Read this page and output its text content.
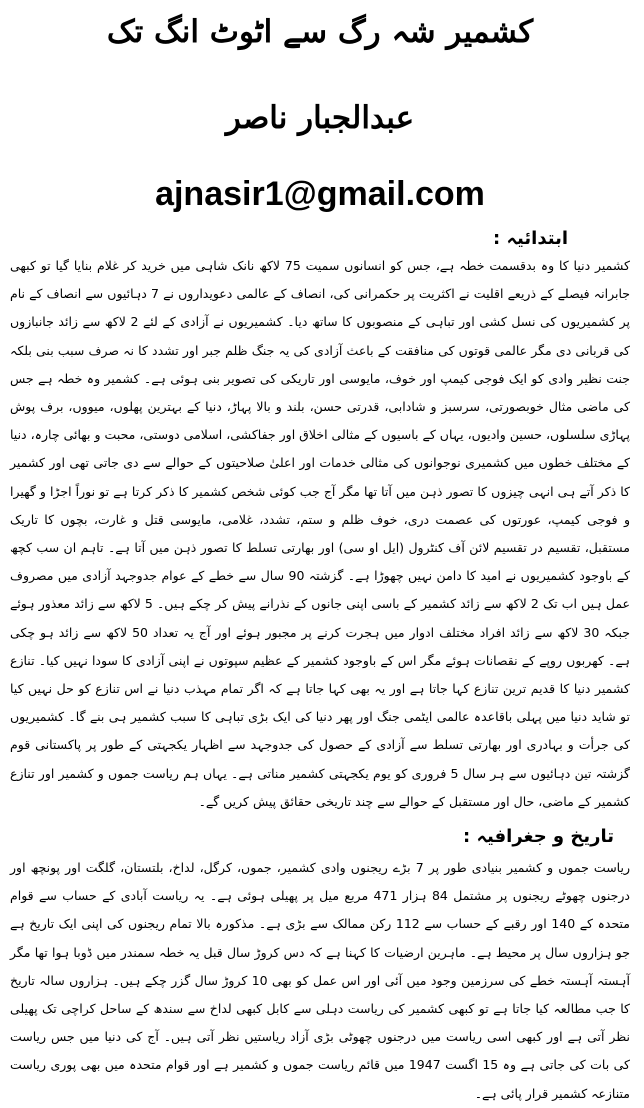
کشمیر شہ رگ سے اٹوٹ انگ تک
عبدالجبار ناصر
ajnasir1@gmail.com
ابتدائیہ :

کشمیر دنیا کا وہ بدقسمت خطہ ہے، جس کو انسانوں سمیت 75 لاکھ نانک شاہی میں خرید کر غلام بنایا گیا تو کبھی جابرانہ فیصلے کے ذریعے اقلیت نے اکثریت پر حکمرانی کی، انصاف کے عالمی دعویداروں نے 7 دہائیوں سے انصاف کے نام پر کشمیریوں کی نسل کشی اور تباہی کے منصوبوں کا ساتھ دیا۔ کشمیریوں نے آزادی کے لئے 2 لاکھ سے زائد جانبازوں کی قربانی دی مگر عالمی قوتوں کی منافقت کے باعث آزادی کی یہ جنگ ظلم جبر اور تشدد کا نہ صرف سبب بنی بلکہ جنت نظیر وادی کو ایک فوجی کیمپ اور خوف، مایوسی اور تاریکی کی تصویر بنی ہوئی ہے۔ کشمیر وہ خطہ ہے جس کی ماضی مثال خوبصورتی، سرسبز و شادابی، قدرتی حسن، بلند و بالا پہاڑ، دنیا کے بہترین پھلوں، میووں، برف پوش پہاڑی سلسلوں، حسین وادیوں، یہاں کے باسیوں کے مثالی اخلاق اور جفاکشی، اسلامی دوستی، محبت و بھائی چارہ، دنیا کے مختلف خطوں میں کشمیری نوجوانوں کی مثالی خدمات اور اعلیٰ صلاحیتوں کے حوالے سے دی جاتی تھی اور کشمیر کا ذکر آتے ہی انہی چیزوں کا تصور ذہن میں آتا تھا مگر آج جب کوئی شخص کشمیر کا ذکر کرتا ہے تو نوراً اجڑا و گھیرا و فوجی کیمپ، عورتوں کی عصمت دری، خوف ظلم و ستم، تشدد، غلامی، مایوسی قتل و غارت، بچوں کا تاریک مستقبل، تقسیم در تقسیم لائن آف کنٹرول (ایل او سی) اور بھارتی تسلط کا تصور ذہن میں آتا ہے۔ تاہم ان سب کچھ کے باوجود کشمیریوں نے امید کا دامن نہیں چھوڑا ہے۔ گزشتہ 90 سال سے خطے کے عوام جدوجہد آزادی میں مصروف عمل ہیں اب تک 2 لاکھ سے زائد کشمیر کے باسی اپنی جانوں کے نذرانے پیش کر چکے ہیں۔ 5 لاکھ سے زائد معذور ہوئے جبکہ 30 لاکھ سے زائد افراد مختلف ادوار میں ہجرت کرنے پر مجبور ہوئے اور آج یہ تعداد 50 لاکھ سے زائد ہو چکی ہے۔ کھربوں روپے کے نقصانات ہوئے مگر اس کے باوجود کشمیر کے عظیم سپوتوں نے اپنی آزادی کا سودا نہیں کیا۔ تنازع کشمیر دنیا کا قدیم ترین تنازع کہا جاتا ہے اور یہ بھی کہا جاتا ہے کہ اگر تمام مہذب دنیا نے اس تنازع کو حل نہیں کیا تو شاید دنیا میں پہلی باقاعدہ عالمی ایٹمی جنگ اور پھر دنیا کی ایک بڑی تباہی کا سبب کشمیر ہی بنے گا۔ کشمیریوں کی جرأت و بہادری اور بھارتی تسلط سے آزادی کے حصول کی جدوجہد سے اظہار یکجہتی کے طور پر پاکستانی قوم گزشتہ تین دہائیوں سے ہر سال 5 فروری کو یوم یکجہتی کشمیر مناتی ہے۔ یہاں ہم ریاست جموں و کشمیر اور تنازع کشمیر کے ماضی، حال اور مستقبل کے حوالے سے چند تاریخی حقائق پیش کریں گے۔

تاریخ و جغرافیہ :

ریاست جموں و کشمیر بنیادی طور پر 7 بڑے ریجنوں وادی کشمیر، جموں، کرگل، لداخ، بلتستان، گلگت اور پونچھ اور درجنوں چھوٹے ریجنوں پر مشتمل 84 ہزار 471 مربع میل پر پھیلی ہوئی ہے۔ یہ ریاست آبادی کے حساب سے قوام متحدہ کے 140 اور رقبے کے حساب سے 112 رکن ممالک سے بڑی ہے۔ مذکورہ بالا تمام ریجنوں کی اپنی ایک تاریخ ہے جو ہزاروں سال پر محیط ہے۔ ماہرین ارضیات کا کہنا ہے کہ دس کروڑ سال قبل یہ خطہ سمندر میں ڈوبا ہوا تھا مگر آہستہ آہستہ خطے کی سرزمین وجود میں آئی اور اس عمل کو بھی 10 کروڑ سال گزر چکے ہیں۔ ہزاروں سالہ تاریخ کا جب مطالعہ کیا جاتا ہے تو کبھی کشمیر کی ریاست دہلی سے کابل کبھی لداخ سے سندھ کے ساحل کراچی تک پھیلی نظر آتی ہے اور کبھی اسی ریاست میں درجنوں چھوٹی بڑی آزاد ریاستیں نظر آتی ہیں۔ آج کی دنیا میں جس ریاست کی بات کی جاتی ہے وہ 15 اگست 1947 میں قائم ریاست جموں و کشمیر ہے اور قوام متحدہ میں بھی پوری ریاست متنازعہ کشمیر قرار پائی ہے۔
